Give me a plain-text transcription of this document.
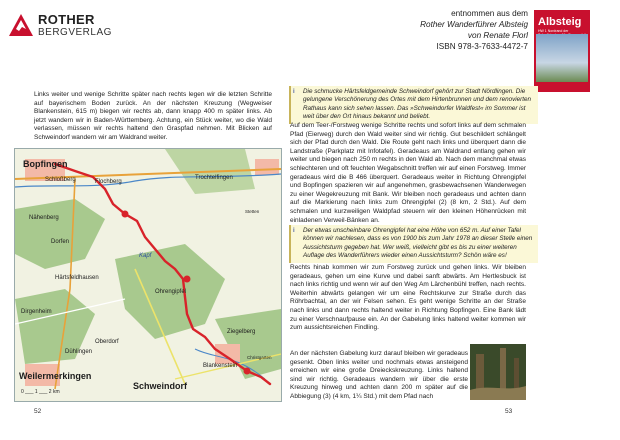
ROTHER
BERGVERLAG
entnommen aus dem
Rother Wanderführer Albsteig
von Renate Florl
ISBN 978-3-7633-4472-7
Albsteig
HW 1 Nordrand der
Links weiter und wenige Schritte später nach rechts legen wir die letzten Schritte auf bayerischem Boden zurück. An der nächsten Kreuzung (Wegweiser Blankenstein, 615 m) biegen wir rechts ab, dann knapp 400 m später links. Ab jetzt wandern wir in Baden-Württemberg. Achtung, ein Stück weiter, wo die Wald verlassen, müssen wir rechts haltend den Graspfad nehmen. Mit Blicken auf Schweindorf wandern wir am Waldrand weiter.
Bopfingen
Flochberg
Schloßberg	Trochtelfingen
Nähenberg
Dorfen
Härtsfeldhausen
Ohrengipfel
Dirgenheim
Oberdorf
Weilermerkingen
Dühlingen
Schweindorf
Blankenstein
Ziegelberg
Christgarten
Kapf
Stetten
0 ___ 1 ___ 2 km
i	Die schmucke Härtsfeldgemeinde Schweindorf gehört zur Stadt Nördlingen. Die gelungene Verschönerung des Ortes mit dem Hirtenbrunnen und dem renovierten Rathaus kann sich sehen lassen. Das »Schweindorfer Waldfest« im Sommer ist weit über den Ort hinaus bekannt und beliebt.
Auf dem Teer-/Forstweg wenige Schritte rechts und sofort links auf dem schmalen Pfad (Eierweg) durch den Wald weiter sind wir richtig. Gut beschildert schlängelt sich der Pfad durch den Wald. Die Route geht nach links und überquert dann die Landstraße (Parkplatz mit Infotafel). Geradeaus am Waldrand entlang gehen wir weiter und biegen nach 250 m rechts in den Wald ab. Nach dem manchmal etwas schlechteren und oft feuchten Wegabschnitt treffen wir auf einen Forstweg. Immer geradeaus wird die B 466 überquert. Geradeaus weiter in Richtung Ohrengipfel und Bopfingen spazieren wir auf angenehmen, grasbewachsenen Wanderwegen zu einer Wegekreuzung mit Bank. Wir bleiben noch geradeaus und achten dann auf die Markierung nach links zum Ohrengipfel (2) (8 km, 2 Std.). Auf dem schmalen und kurzweiligen Waldpfad steuern wir den kleinen Höhenrücken mit einladenen Verweil-Bänken an.
i	Der etwas unscheinbare Ohrengipfel hat eine Höhe von 652 m. Auf einer Tafel können wir nachlesen, dass es von 1900 bis zum Jahr 1978 an dieser Stelle einen Aussichtsturm gegeben hat. Wer weiß, vielleicht gibt es bis zu einer weiteren Auflage des Wanderführers wieder einen Aussichtsturm? Schön wäre es!
Rechts hinab kommen wir zum Forstweg zurück und gehen links. Wir bleiben geradeaus, gehen um eine Kurve und dabei sanft abwärts. Am Hertlesbuck ist nach links richtig und wenn wir auf den Weg Am Lärchenbühl treffen, nach rechts. Weiterhin abwärts gelangen wir um eine Rechtskurve zur Straße durch das Röhrbachtal, an der wir Felsen sehen. Es geht wenige Schritte an der Straße nach links und dann rechts haltend weiter in Richtung Bopfingen. Eine Bank lädt zu einer Verschnaufpause ein. An der Gabelung links haltend weiter kommen wir zum aussichtsreichen Findling.
An der nächsten Gabelung kurz darauf bleiben wir geradeaus gesenkt. Oben links weiter und nochmals etwas ansteigend erreichen wir eine große Dreieckskreuzung. Links haltend sind wir richtig. Geradeaus wandern wir über die erste Kreuzung hinweg und achten dann 200 m später auf die Abbiegung (3) (4 km, 1¼ Std.) mit dem Pfad nach
52	53
